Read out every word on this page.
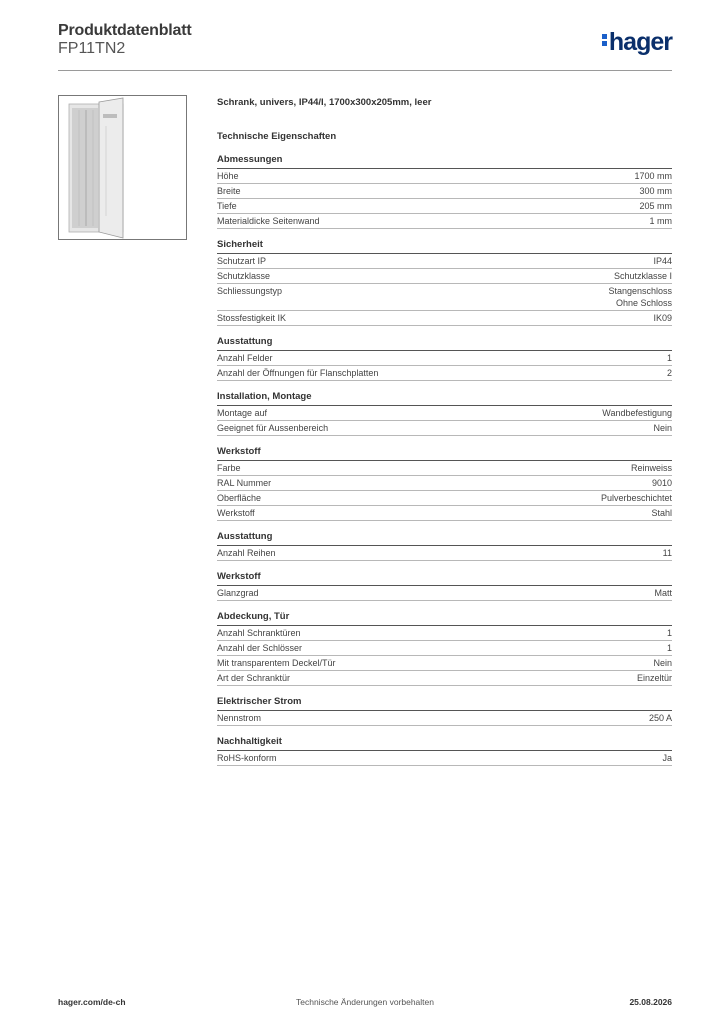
Produktdatenblatt
FP11TN2	hager
Schrank, univers, IP44/I, 1700x300x205mm, leer
Technische Eigenschaften
Abmessungen
Höhe	1700 mm
Breite	300 mm
Tiefe	205 mm
Materialdicke Seitenwand	1 mm
Sicherheit
Schutzart IP	IP44
Schutzklasse	Schutzklasse I
Schliessungstyp	Stangenschloss
Ohne Schloss
Stossfestigkeit IK	IK09
Ausstattung
Anzahl Felder	1
Anzahl der Öffnungen für Flanschplatten	2
Installation, Montage
Montage auf	Wandbefestigung
Geeignet für Aussenbereich	Nein
Werkstoff
Farbe	Reinweiss
RAL Nummer	9010
Oberfläche	Pulverbeschichtet
Werkstoff	Stahl
Ausstattung
Anzahl Reihen	11
Werkstoff
Glanzgrad	Matt
Abdeckung, Tür
Anzahl Schranktüren	1
Anzahl der Schlösser	1
Mit transparentem Deckel/Tür	Nein
Art der Schranktür	Einzeltür
Elektrischer Strom
Nennstrom	250 A
Nachhaltigkeit
RoHS-konform	Ja
hager.com/de-ch	Technische Änderungen vorbehalten	25.08.2026
